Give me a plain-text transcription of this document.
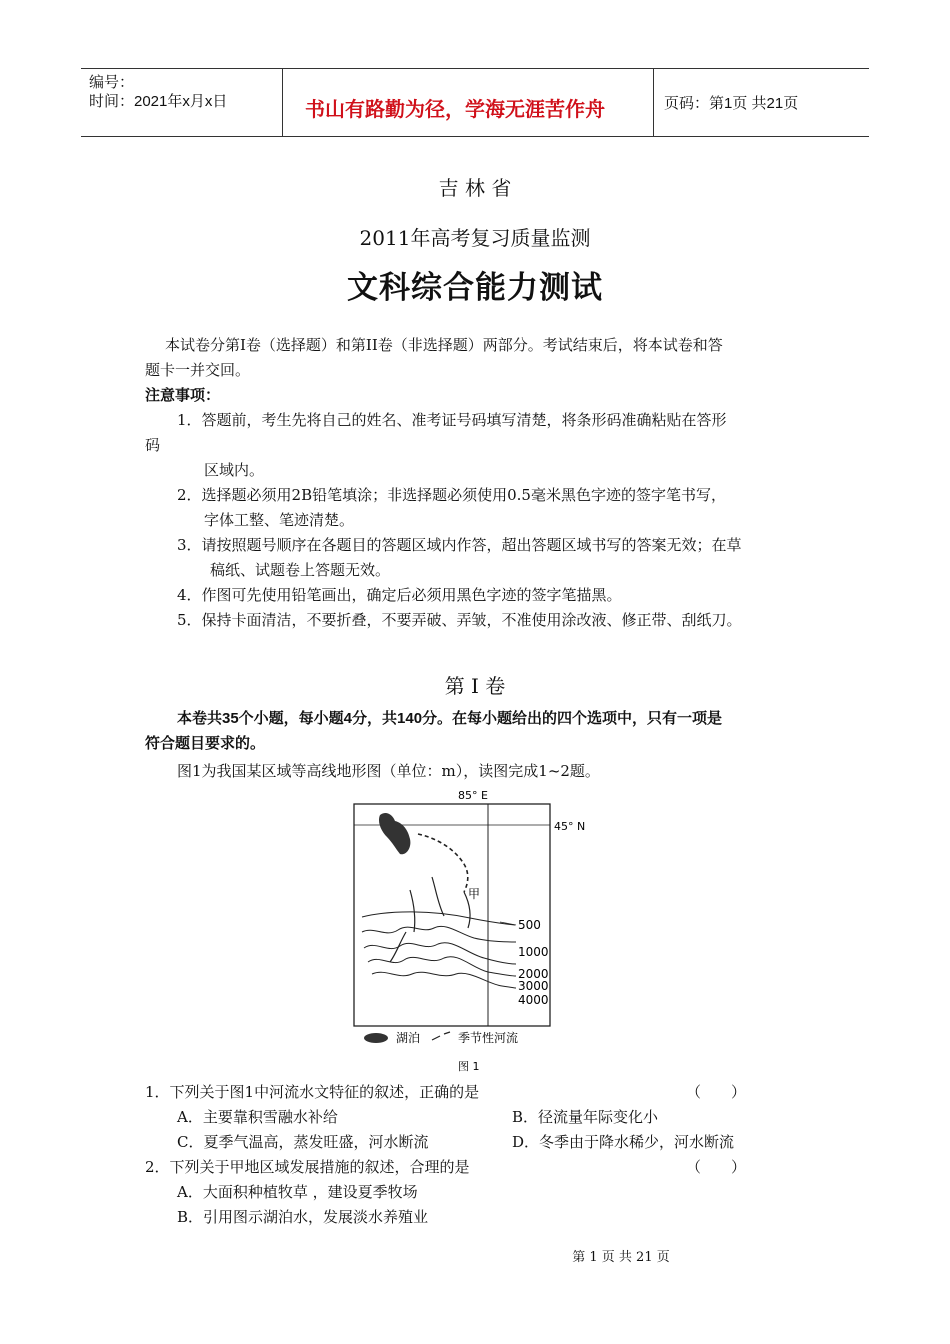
编号：
时间：2021年x月x日	书山有路勤为径，学海无涯苦作舟	页码：第1页 共21页
吉 林 省
2011年高考复习质量监测
文科综合能力测试
本试卷分第I卷（选择题）和第II卷（非选择题）两部分。考试结束后，将本试卷和答
题卡一并交回。
注意事项：
1．答题前，考生先将自己的姓名、准考证号码填写清楚，将条形码准确粘贴在答形
码
区域内。
2．选择题必须用2B铅笔填涂；非选择题必须使用0.5毫米黑色字迹的签字笔书写，
字体工整、笔迹清楚。
3．请按照题号顺序在各题目的答题区域内作答，超出答题区域书写的答案无效；在草
稿纸、试题卷上答题无效。
4．作图可先使用铅笔画出，确定后必须用黑色字迹的签字笔描黑。
5．保持卡面清洁，不要折叠，不要弄破、弄皱，不准使用涂改液、修正带、刮纸刀。
第 I 卷
本卷共35个小题，每小题4分，共140分。在每小题给出的四个选项中，只有一项是
符合题目要求的。
图1为我国某区域等高线地形图（单位：m），读图完成1~2题。
85° E
45° N
甲
500
1000
2000
3000
4000
湖泊	季节性河流
图 1
1．下列关于图1中河流水文特征的叙述，正确的是	（　　）
A．主要靠积雪融水补给	B．径流量年际变化小
C．夏季气温高，蒸发旺盛，河水断流	D．冬季由于降水稀少，河水断流
2．下列关于甲地区域发展措施的叙述，合理的是	（　　）
A．大面积种植牧草 ，建设夏季牧场
B．引用图示湖泊水，发展淡水养殖业
第 1 页 共 21 页
